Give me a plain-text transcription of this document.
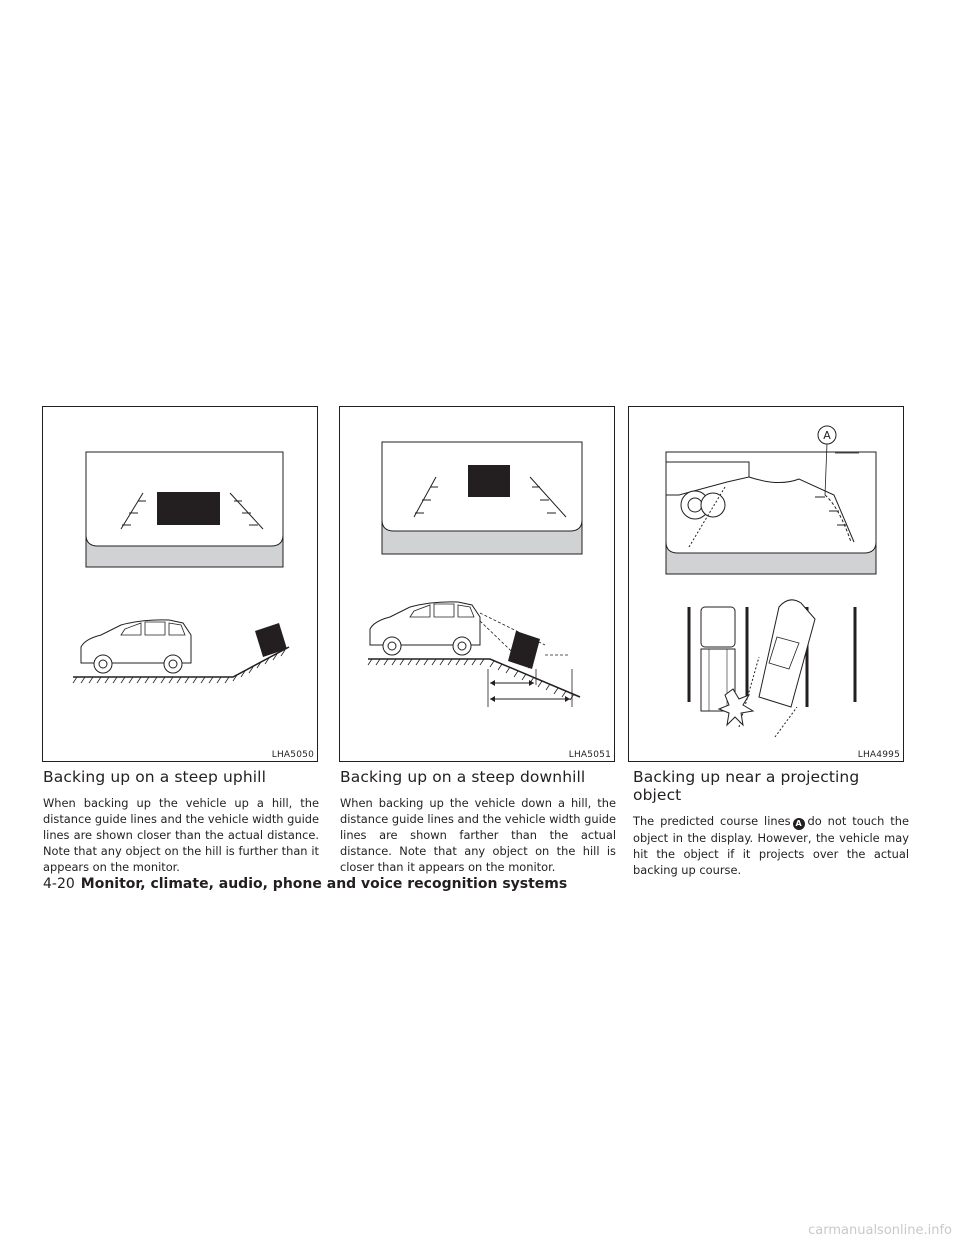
LHA5050	LHA5051
A
LHA4995
Backing up on a steep uphill

When backing up the vehicle up a hill, the distance guide lines and the vehicle width guide lines are shown closer than the actual distance. Note that any object on the hill is further than it appears on the monitor.

Backing up on a steep downhill

When backing up the vehicle down a hill, the distance guide lines and the vehicle width guide lines are shown farther than the actual distance. Note that any object on the hill is closer than it appears on the monitor.

Backing up near a projecting object

The predicted course lines A do not touch the object in the display. However, the vehicle may hit the object if it projects over the actual backing up course.

4-20 Monitor, climate, audio, phone and voice recognition systems
carmanualsonline.info
